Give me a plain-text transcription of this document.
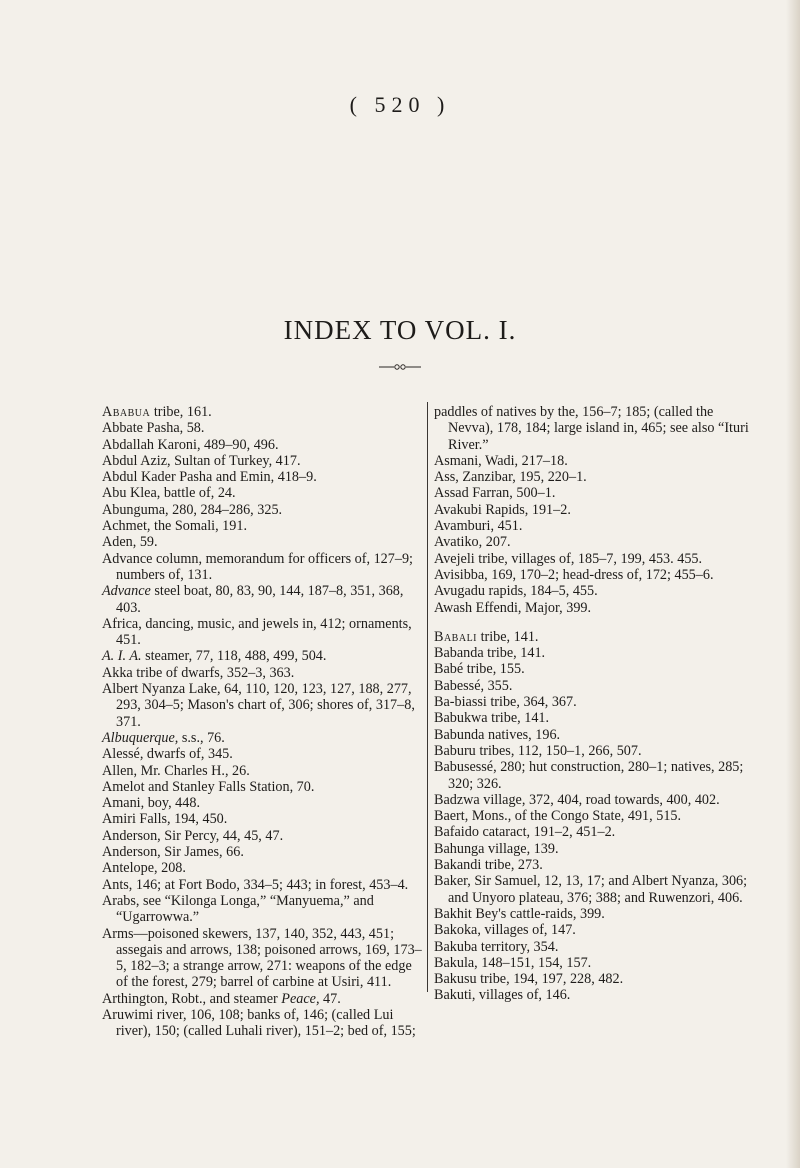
( 520 )
INDEX TO VOL. I.

Ababua tribe, 161.

Abbate Pasha, 58.

Abdallah Karoni, 489–90, 496.

Abdul Aziz, Sultan of Turkey, 417.

Abdul Kader Pasha and Emin, 418–9.

Abu Klea, battle of, 24.

Abunguma, 280, 284–286, 325.

Achmet, the Somali, 191.

Aden, 59.

Advance column, memorandum for officers of, 127–9; numbers of, 131.

Advance steel boat, 80, 83, 90, 144, 187–8, 351, 368, 403.

Africa, dancing, music, and jewels in, 412; ornaments, 451.

A. I. A. steamer, 77, 118, 488, 499, 504.

Akka tribe of dwarfs, 352–3, 363.

Albert Nyanza Lake, 64, 110, 120, 123, 127, 188, 277, 293, 304–5; Mason's chart of, 306; shores of, 317–8, 371.

Albuquerque, s.s., 76.

Alessé, dwarfs of, 345.

Allen, Mr. Charles H., 26.

Amelot and Stanley Falls Station, 70.

Amani, boy, 448.

Amiri Falls, 194, 450.

Anderson, Sir Percy, 44, 45, 47.

Anderson, Sir James, 66.

Antelope, 208.

Ants, 146; at Fort Bodo, 334–5; 443; in forest, 453–4.

Arabs, see “Kilonga Longa,” “Manyuema,” and “Ugarrowwa.”

Arms—poisoned skewers, 137, 140, 352, 443, 451; assegais and arrows, 138; poisoned arrows, 169, 173–5, 182–3; a strange arrow, 271: weapons of the edge of the forest, 279; barrel of carbine at Usiri, 411.

Arthington, Robt., and steamer Peace, 47.

Aruwimi river, 106, 108; banks of, 146; (called Lui river), 150; (called Luhali river), 151–2; bed of, 155;

paddles of natives by the, 156–7; 185; (called the Nevva), 178, 184; large island in, 465; see also “Ituri River.”

Asmani, Wadi, 217–18.

Ass, Zanzibar, 195, 220–1.

Assad Farran, 500–1.

Avakubi Rapids, 191–2.

Avamburi, 451.

Avatiko, 207.

Avejeli tribe, villages of, 185–7, 199, 453. 455.

Avisibba, 169, 170–2; head-dress of, 172; 455–6.

Avugadu rapids, 184–5, 455.

Awash Effendi, Major, 399.

Babali tribe, 141.

Babanda tribe, 141.

Babé tribe, 155.

Babessé, 355.

Ba-biassi tribe, 364, 367.

Babukwa tribe, 141.

Babunda natives, 196.

Baburu tribes, 112, 150–1, 266, 507.

Babusessé, 280; hut construction, 280–1; natives, 285; 320; 326.

Badzwa village, 372, 404, road towards, 400, 402.

Baert, Mons., of the Congo State, 491, 515.

Bafaido cataract, 191–2, 451–2.

Bahunga village, 139.

Bakandi tribe, 273.

Baker, Sir Samuel, 12, 13, 17; and Albert Nyanza, 306; and Unyoro plateau, 376; 388; and Ruwenzori, 406.

Bakhit Bey's cattle-raids, 399.

Bakoka, villages of, 147.

Bakuba territory, 354.

Bakula, 148–151, 154, 157.

Bakusu tribe, 194, 197, 228, 482.

Bakuti, villages of, 146.
